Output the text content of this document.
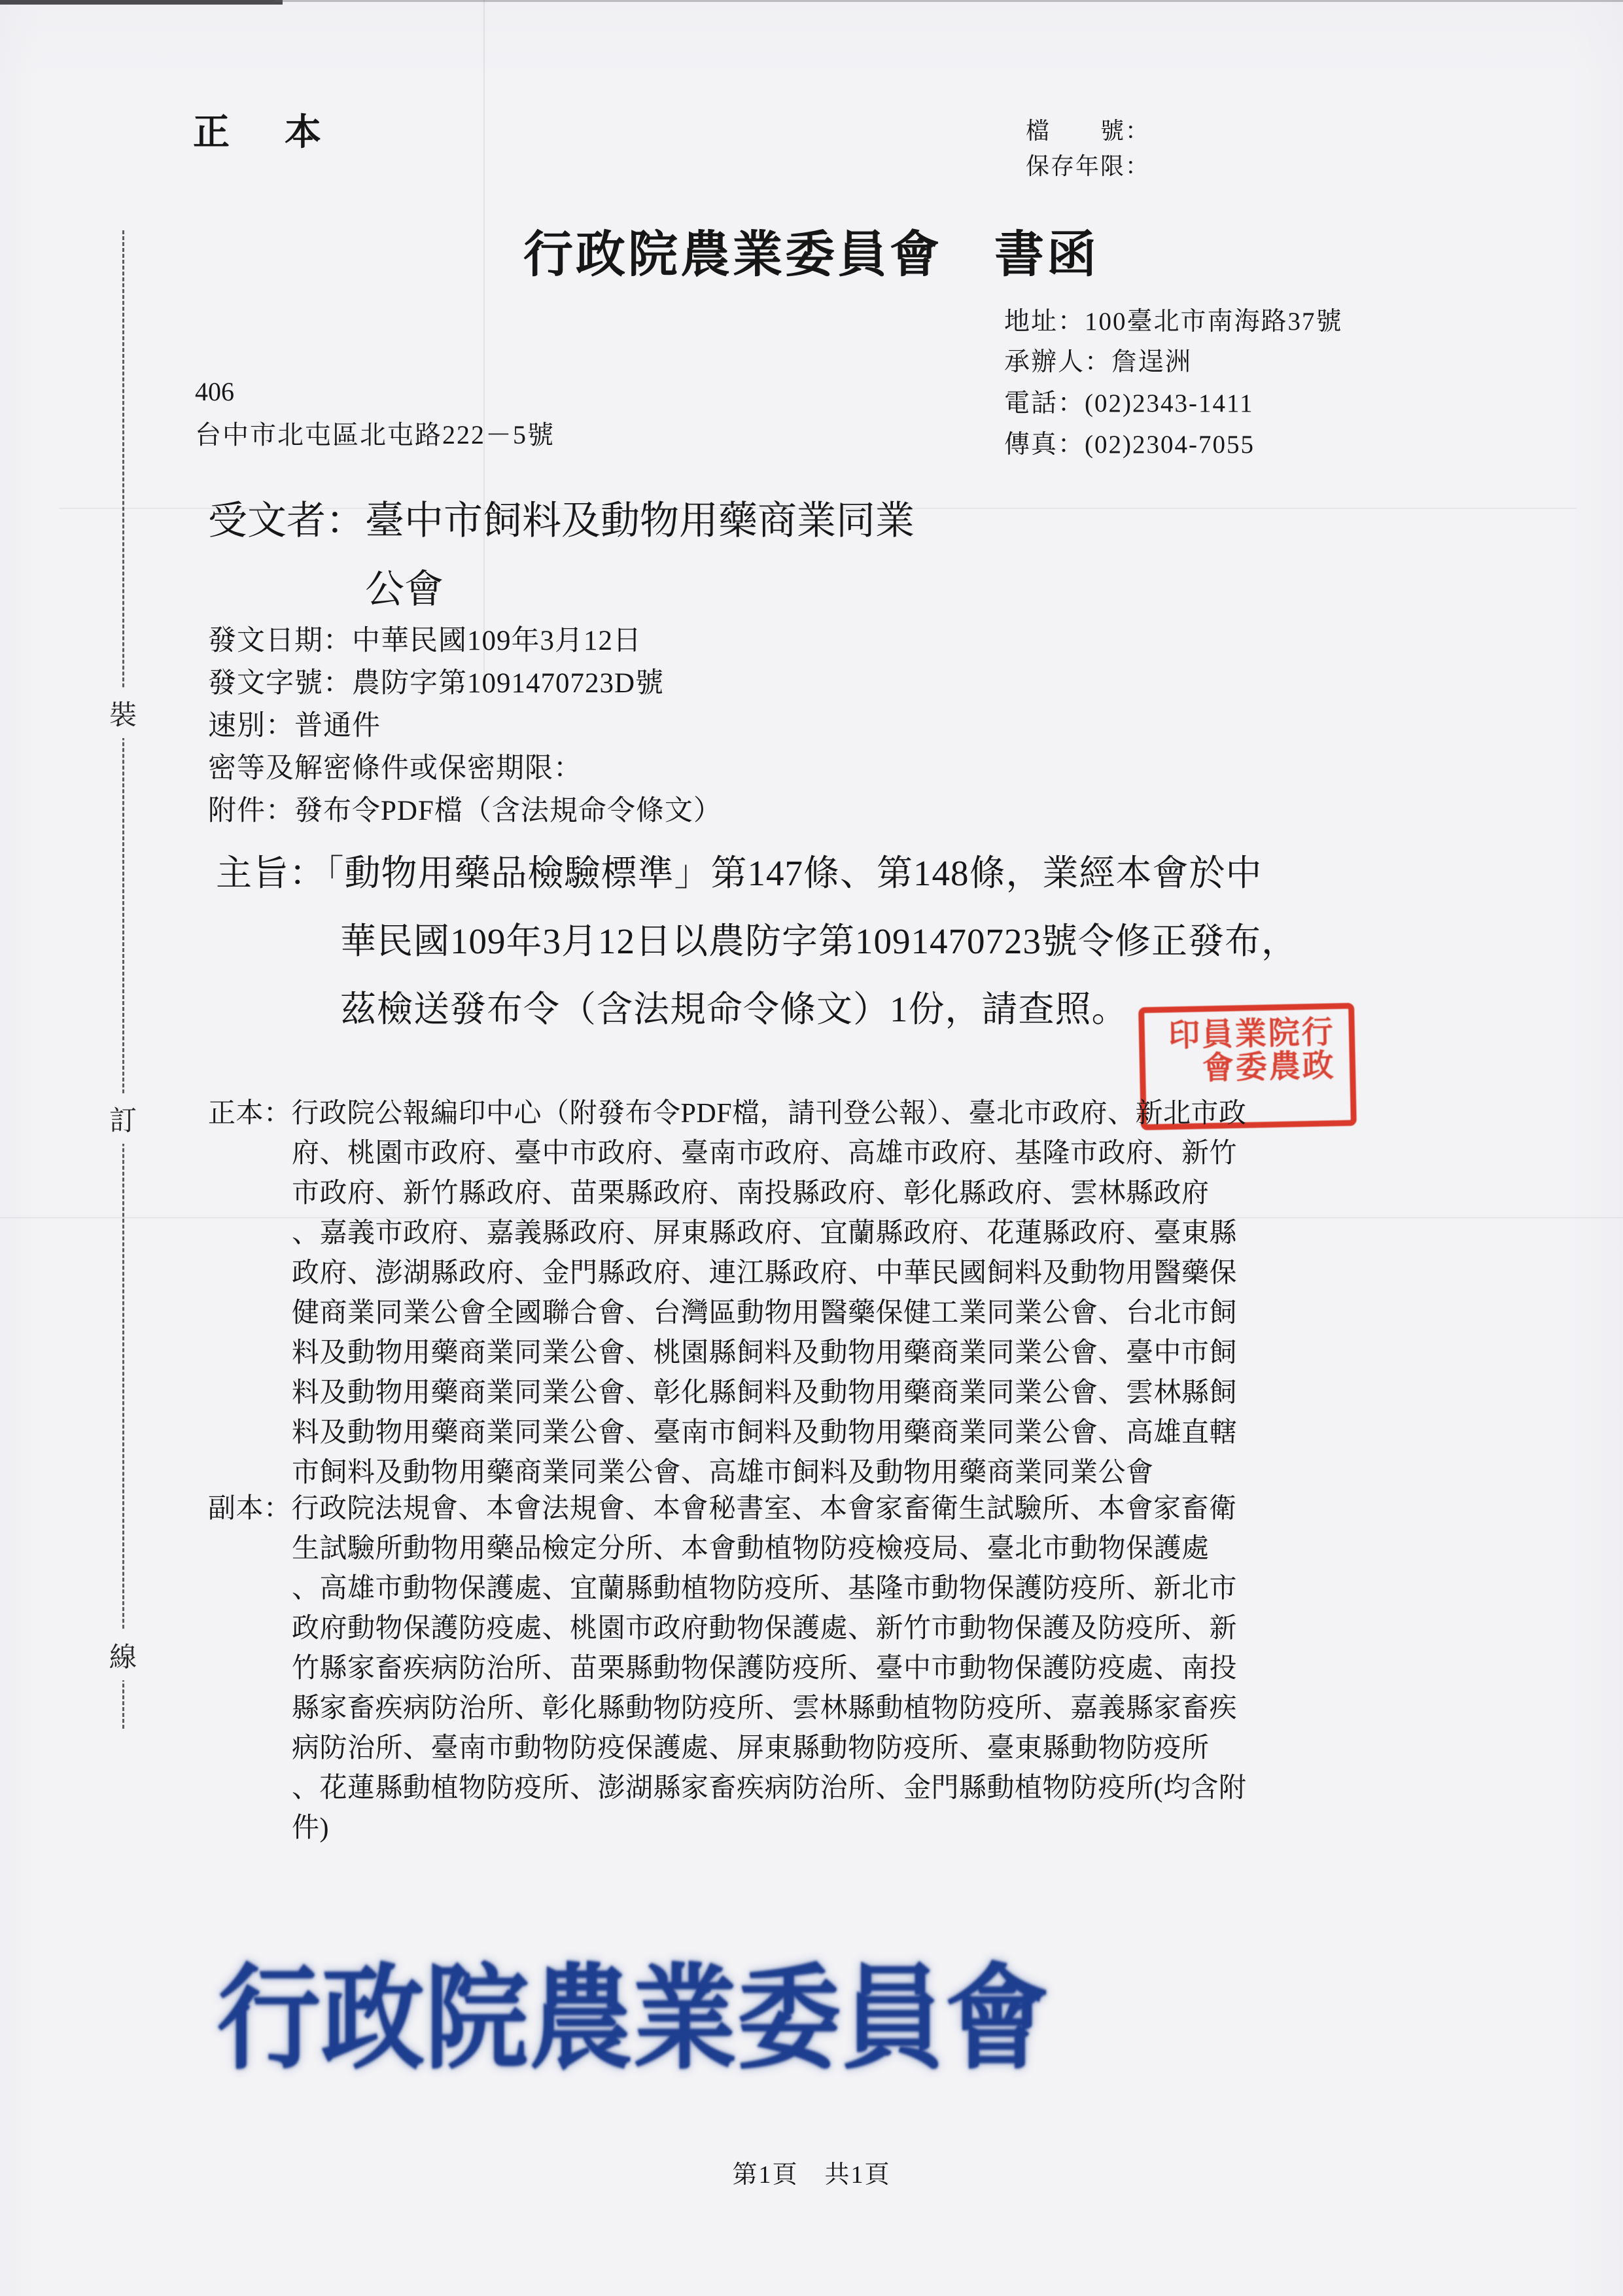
裝
訂
線
正　本	檔　　號：
保存年限：
行政院農業委員會　書函
地址：100臺北市南海路37號
承辦人：詹逞洲
電話：(02)2343-1411
傳真：(02)2304-7055
406
台中市北屯區北屯路222－5號
受文者：臺中市飼料及動物用藥商業同業
公會
發文日期：中華民國109年3月12日
發文字號：農防字第1091470723D號
速別：普通件
密等及解密條件或保密期限：
附件：發布令PDF檔（含法規命令條文）
主旨：「動物用藥品檢驗標準」第147條、第148條，業經本會於中
華民國109年3月12日以農防字第1091470723號令修正發布，
茲檢送發布令（含法規命令條文）1份，請查照。
行政院農業委員會印
正本：行政院公報編印中心（附發布令PDF檔，請刊登公報）、臺北市政府、新北市政
府、桃園市政府、臺中市政府、臺南市政府、高雄市政府、基隆市政府、新竹
市政府、新竹縣政府、苗栗縣政府、南投縣政府、彰化縣政府、雲林縣政府
、嘉義市政府、嘉義縣政府、屏東縣政府、宜蘭縣政府、花蓮縣政府、臺東縣
政府、澎湖縣政府、金門縣政府、連江縣政府、中華民國飼料及動物用醫藥保
健商業同業公會全國聯合會、台灣區動物用醫藥保健工業同業公會、台北市飼
料及動物用藥商業同業公會、桃園縣飼料及動物用藥商業同業公會、臺中市飼
料及動物用藥商業同業公會、彰化縣飼料及動物用藥商業同業公會、雲林縣飼
料及動物用藥商業同業公會、臺南市飼料及動物用藥商業同業公會、高雄直轄
市飼料及動物用藥商業同業公會、高雄市飼料及動物用藥商業同業公會
副本：行政院法規會、本會法規會、本會秘書室、本會家畜衛生試驗所、本會家畜衛
生試驗所動物用藥品檢定分所、本會動植物防疫檢疫局、臺北市動物保護處
、高雄市動物保護處、宜蘭縣動植物防疫所、基隆市動物保護防疫所、新北市
政府動物保護防疫處、桃園市政府動物保護處、新竹市動物保護及防疫所、新
竹縣家畜疾病防治所、苗栗縣動物保護防疫所、臺中市動物保護防疫處、南投
縣家畜疾病防治所、彰化縣動物防疫所、雲林縣動植物防疫所、嘉義縣家畜疾
病防治所、臺南市動物防疫保護處、屏東縣動物防疫所、臺東縣動物防疫所
、花蓮縣動植物防疫所、澎湖縣家畜疾病防治所、金門縣動植物防疫所(均含附
件)
行政院農業委員會
第1頁　共1頁
